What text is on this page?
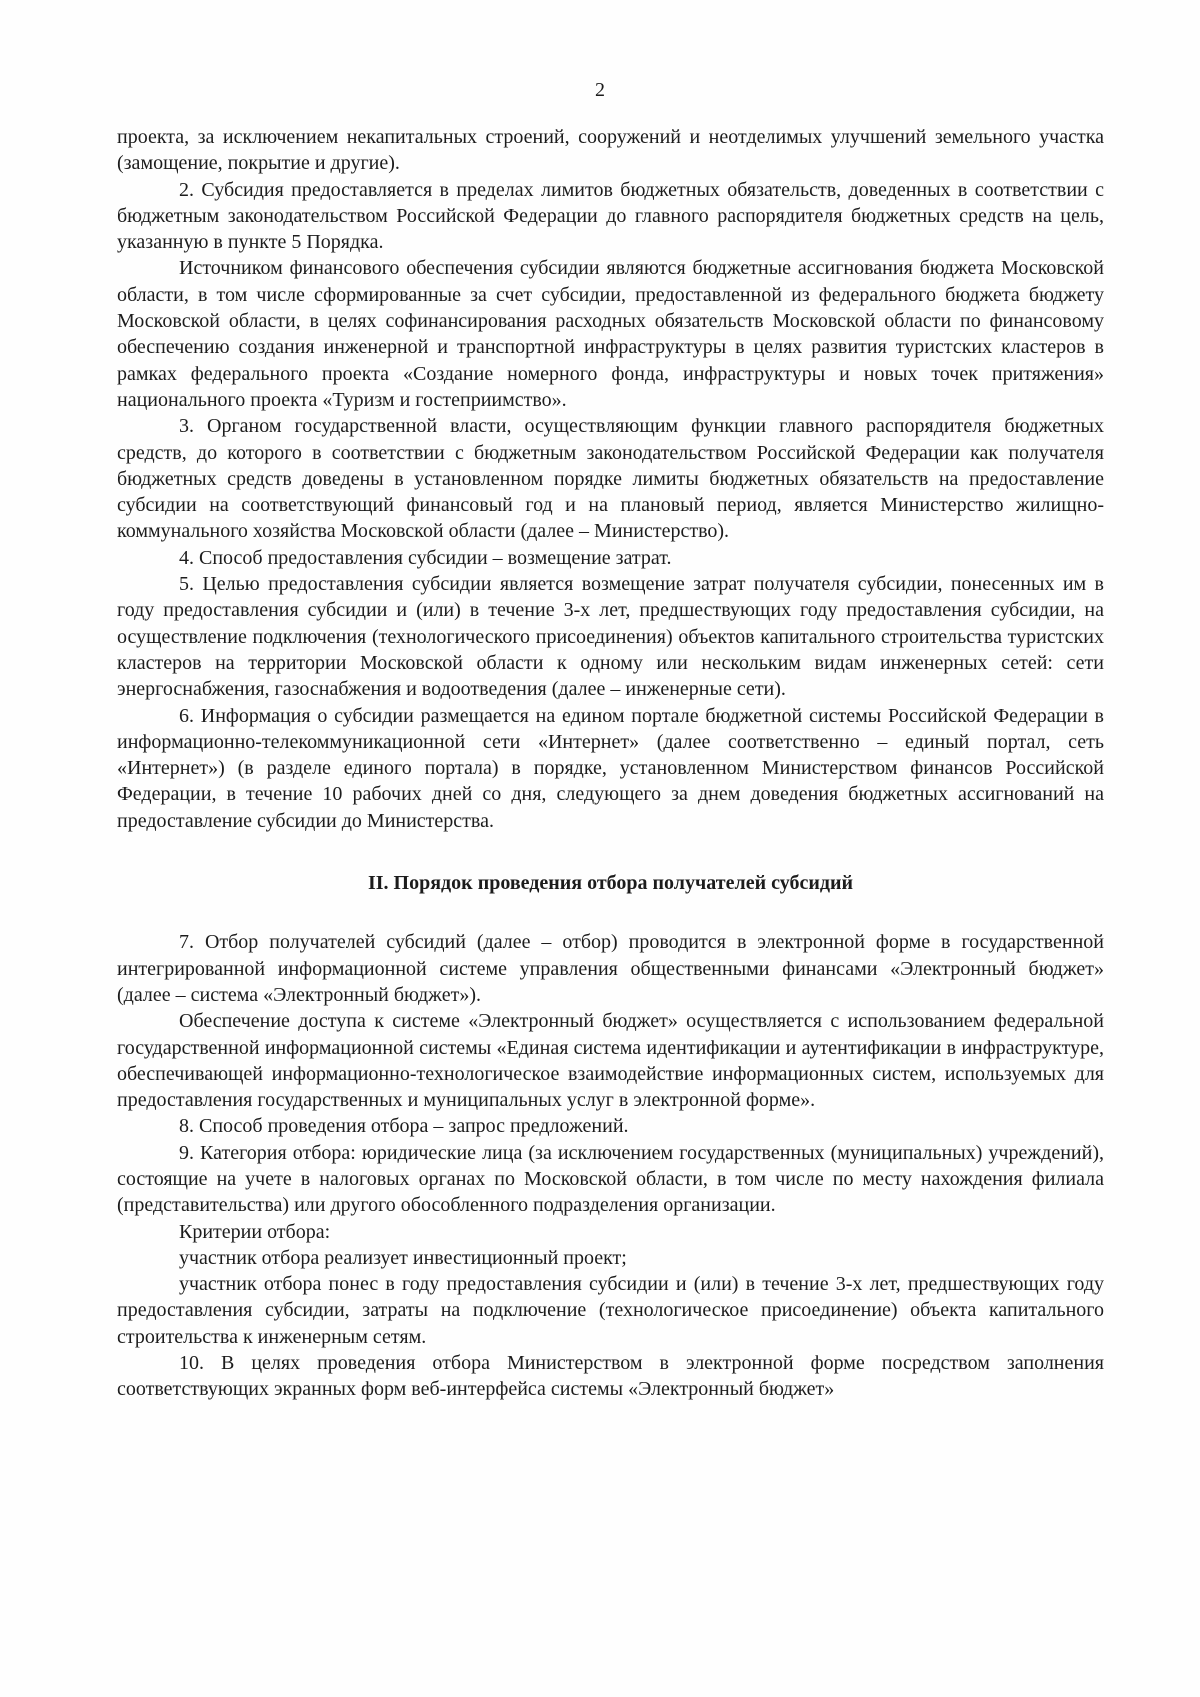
2

проекта, за исключением некапитальных строений, сооружений и неотделимых улучшений земельного участка (замощение, покрытие и другие).

2. Субсидия предоставляется в пределах лимитов бюджетных обязательств, доведенных в соответствии с бюджетным законодательством Российской Федерации до главного распорядителя бюджетных средств на цель, указанную в пункте 5 Порядка.

Источником финансового обеспечения субсидии являются бюджетные ассигнования бюджета Московской области, в том числе сформированные за счет субсидии, предоставленной из федерального бюджета бюджету Московской области, в целях софинансирования расходных обязательств Московской области по финансовому обеспечению создания инженерной и транспортной инфраструктуры в целях развития туристских кластеров в рамках федерального проекта «Создание номерного фонда, инфраструктуры и новых точек притяжения» национального проекта «Туризм и гостеприимство».

3. Органом государственной власти, осуществляющим функции главного распорядителя бюджетных средств, до которого в соответствии с бюджетным законодательством Российской Федерации как получателя бюджетных средств доведены в установленном порядке лимиты бюджетных обязательств на предоставление субсидии на соответствующий финансовый год и на плановый период, является Министерство жилищно-коммунального хозяйства Московской области (далее – Министерство).

4. Способ предоставления субсидии – возмещение затрат.

5. Целью предоставления субсидии является возмещение затрат получателя субсидии, понесенных им в году предоставления субсидии и (или) в течение 3-х лет, предшествующих году предоставления субсидии, на осуществление подключения (технологического присоединения) объектов капитального строительства туристских кластеров на территории Московской области к одному или нескольким видам инженерных сетей: сети энергоснабжения, газоснабжения и водоотведения (далее – инженерные сети).

6. Информация о субсидии размещается на едином портале бюджетной системы Российской Федерации в информационно-телекоммуникационной сети «Интернет» (далее соответственно – единый портал, сеть «Интернет») (в разделе единого портала) в порядке, установленном Министерством финансов Российской Федерации, в течение 10 рабочих дней со дня, следующего за днем доведения бюджетных ассигнований на предоставление субсидии до Министерства.

II. Порядок проведения отбора получателей субсидий

7. Отбор получателей субсидий (далее – отбор) проводится в электронной форме в государственной интегрированной информационной системе управления общественными финансами «Электронный бюджет» (далее – система «Электронный бюджет»).

Обеспечение доступа к системе «Электронный бюджет» осуществляется с использованием федеральной государственной информационной системы «Единая система идентификации и аутентификации в инфраструктуре, обеспечивающей информационно-технологическое взаимодействие информационных систем, используемых для предоставления государственных и муниципальных услуг в электронной форме».

8. Способ проведения отбора – запрос предложений.

9. Категория отбора: юридические лица (за исключением государственных (муниципальных) учреждений), состоящие на учете в налоговых органах по Московской области, в том числе по месту нахождения филиала (представительства) или другого обособленного подразделения организации.

Критерии отбора:

участник отбора реализует инвестиционный проект;

участник отбора понес в году предоставления субсидии и (или) в течение 3-х лет, предшествующих году предоставления субсидии, затраты на подключение (технологическое присоединение) объекта капитального строительства к инженерным сетям.

10. В целях проведения отбора Министерством в электронной форме посредством заполнения соответствующих экранных форм веб-интерфейса системы «Электронный бюджет»
